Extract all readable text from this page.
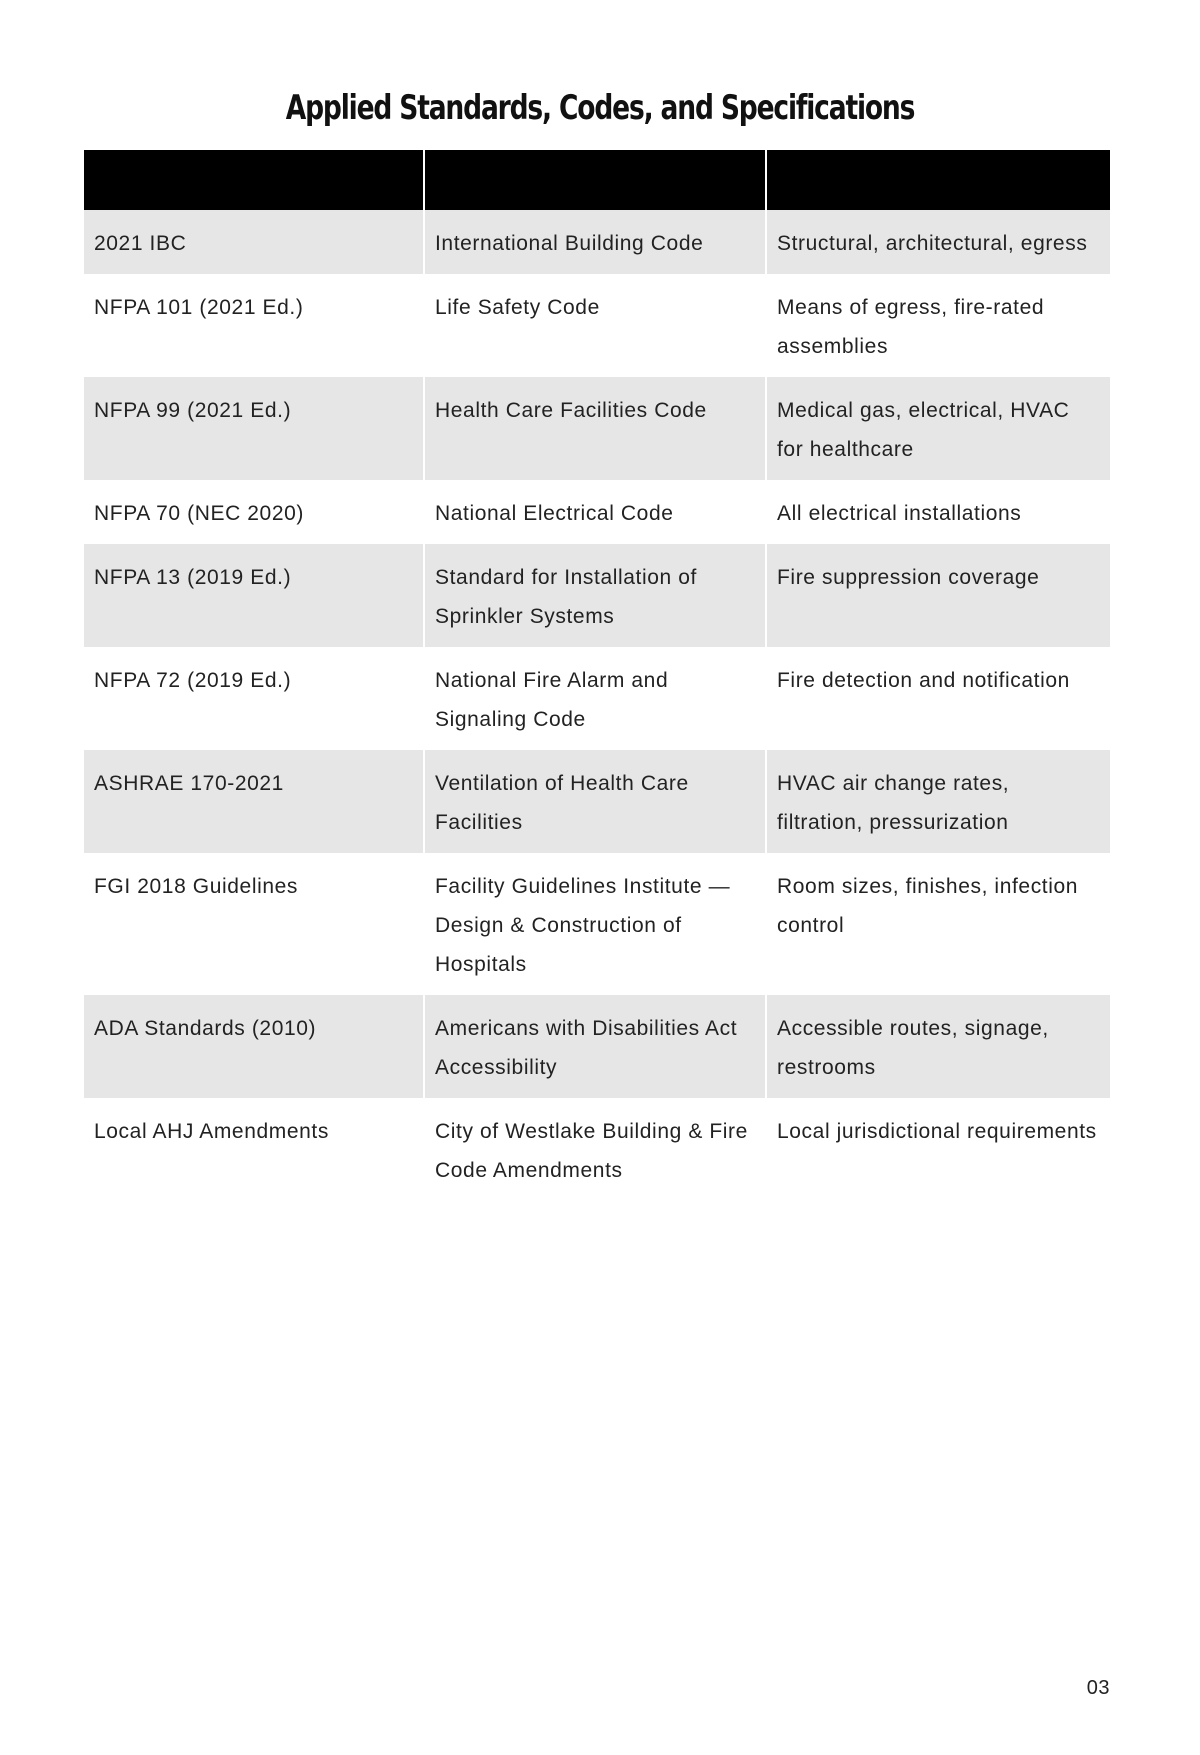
Applied Standards, Codes, and Specifications

2021 IBC	International Building Code	Structural, architectural, egress
NFPA 101 (2021 Ed.)	Life Safety Code	Means of egress, fire-rated assemblies
NFPA 99 (2021 Ed.)	Health Care Facilities Code	Medical gas, electrical, HVAC for healthcare
NFPA 70 (NEC 2020)	National Electrical Code	All electrical installations
NFPA 13 (2019 Ed.)	Standard for Installation of Sprinkler Systems	Fire suppression coverage
NFPA 72 (2019 Ed.)	National Fire Alarm and Signaling Code	Fire detection and notification
ASHRAE 170-2021	Ventilation of Health Care Facilities	HVAC air change rates, filtration, pressurization
FGI 2018 Guidelines	Facility Guidelines Institute — Design & Construction of Hospitals	Room sizes, finishes, infection control
ADA Standards (2010)	Americans with Disabilities Act Accessibility	Accessible routes, signage, restrooms
Local AHJ Amendments	City of Westlake Building & Fire Code Amendments	Local jurisdictional requirements
03
